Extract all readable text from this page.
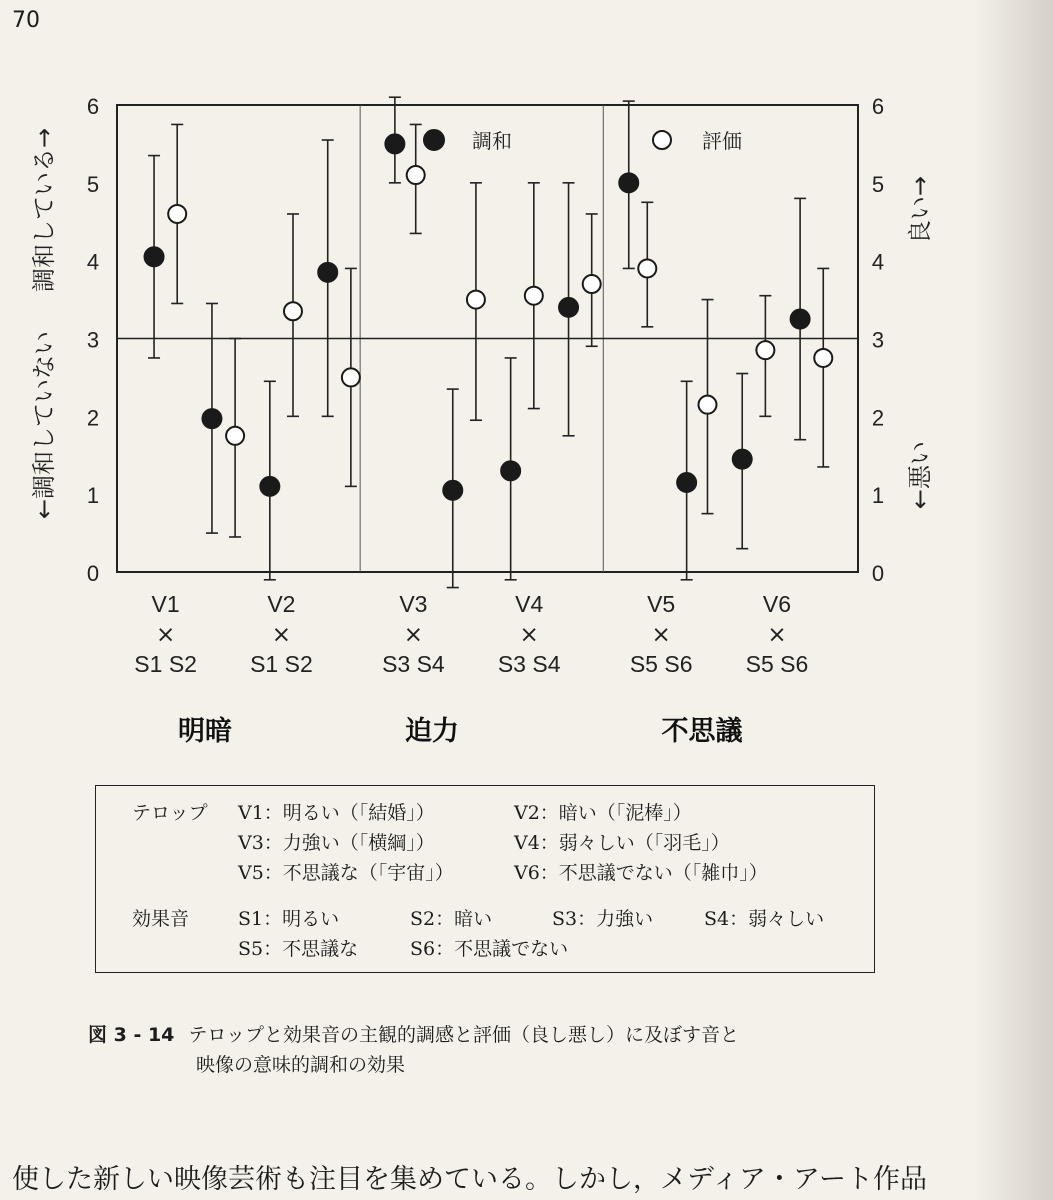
70
0	0
1	1
2	2
3	3
4	4
5	5
6	6
←調和していない
調和している→	良い→
←悪い
調和	評価
V1
×
S1 S2
V2
×
S1 S2
V3
×
S3 S4
V4
×
S3 S4
V5
×
S5 S6
V6
×
S5 S6
明暗	迫力	不思議
テロップ V1：明るい（「結婚」）	V2：暗い（「泥棒」）
V3：力強い（「横綱」）	V4：弱々しい（「羽毛」）
V5：不思議な（「宇宙」）	V6：不思議でない（「雑巾」）
効果音	S1：明るい	S2：暗い	S3：力強い	S4：弱々しい
S5：不思議な	S6：不思議でない
図 3 - 14 テロップと効果音の主観的調感と評価（良し悪し）に及ぼす音と
映像の意味的調和の効果
使した新しい映像芸術も注目を集めている。しかし，メディア・アート作品
